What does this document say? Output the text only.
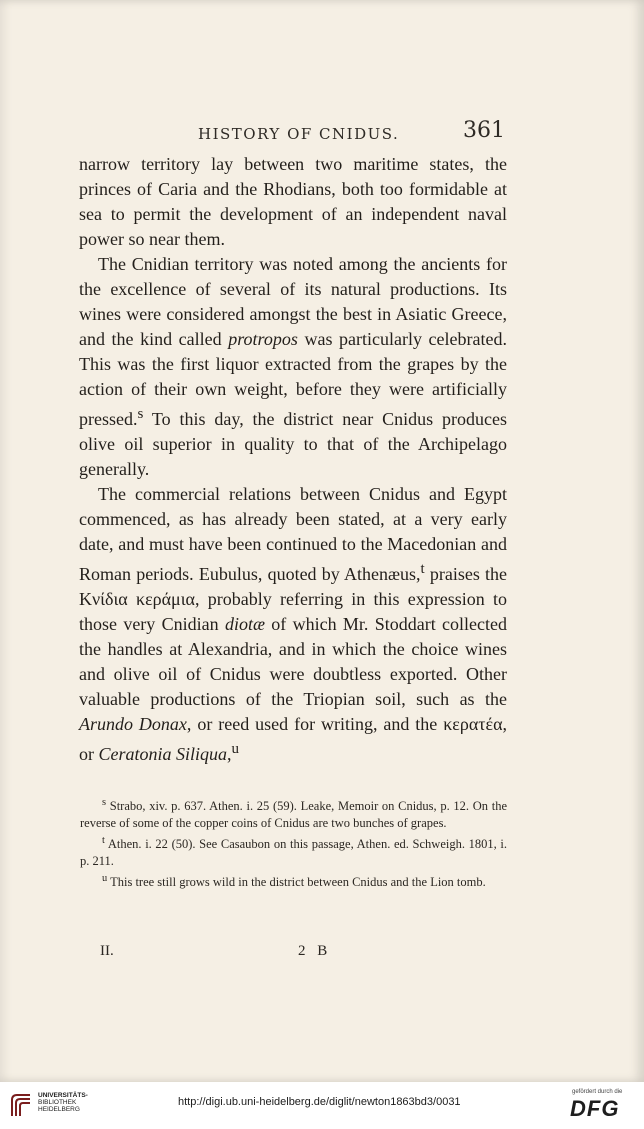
HISTORY OF CNIDUS.	361

narrow territory lay between two maritime states, the princes of Caria and the Rhodians, both too formidable at sea to permit the development of an independent naval power so near them.

The Cnidian territory was noted among the ancients for the excellence of several of its natural productions. Its wines were considered amongst the best in Asiatic Greece, and the kind called protropos was particularly celebrated. This was the first liquor extracted from the grapes by the action of their own weight, before they were artificially pressed.$^s$ To this day, the district near Cnidus produces olive oil superior in quality to that of the Archipelago generally.

The commercial relations between Cnidus and Egypt commenced, as has already been stated, at a very early date, and must have been continued to the Macedonian and Roman periods. Eubulus, quoted by Athenæus,$^t$ praises the Κνίδια κεράμια, probably referring in this expression to those very Cnidian diotæ of which Mr. Stoddart collected the handles at Alexandria, and in which the choice wines and olive oil of Cnidus were doubtless exported. Other valuable productions of the Triopian soil, such as the Arundo Donax, or reed used for writing, and the κερατέα, or Ceratonia Siliqua,$^u$

$^s$ Strabo, xiv. p. 637. Athen. i. 25 (59). Leake, Memoir on Cnidus, p. 12. On the reverse of some of the copper coins of Cnidus are two bunches of grapes.

$^t$ Athen. i. 22 (50). See Casaubon on this passage, Athen. ed. Schweigh. 1801, i. p. 211.

$^u$ This tree still grows wild in the district between Cnidus and the Lion tomb.

II.	2 B
UNIVERSITÄTS-
BIBLIOTHEK
HEIDELBERG
http://digi.ub.uni-heidelberg.de/diglit/newton1863bd3/0031
gefördert durch die
DFG
